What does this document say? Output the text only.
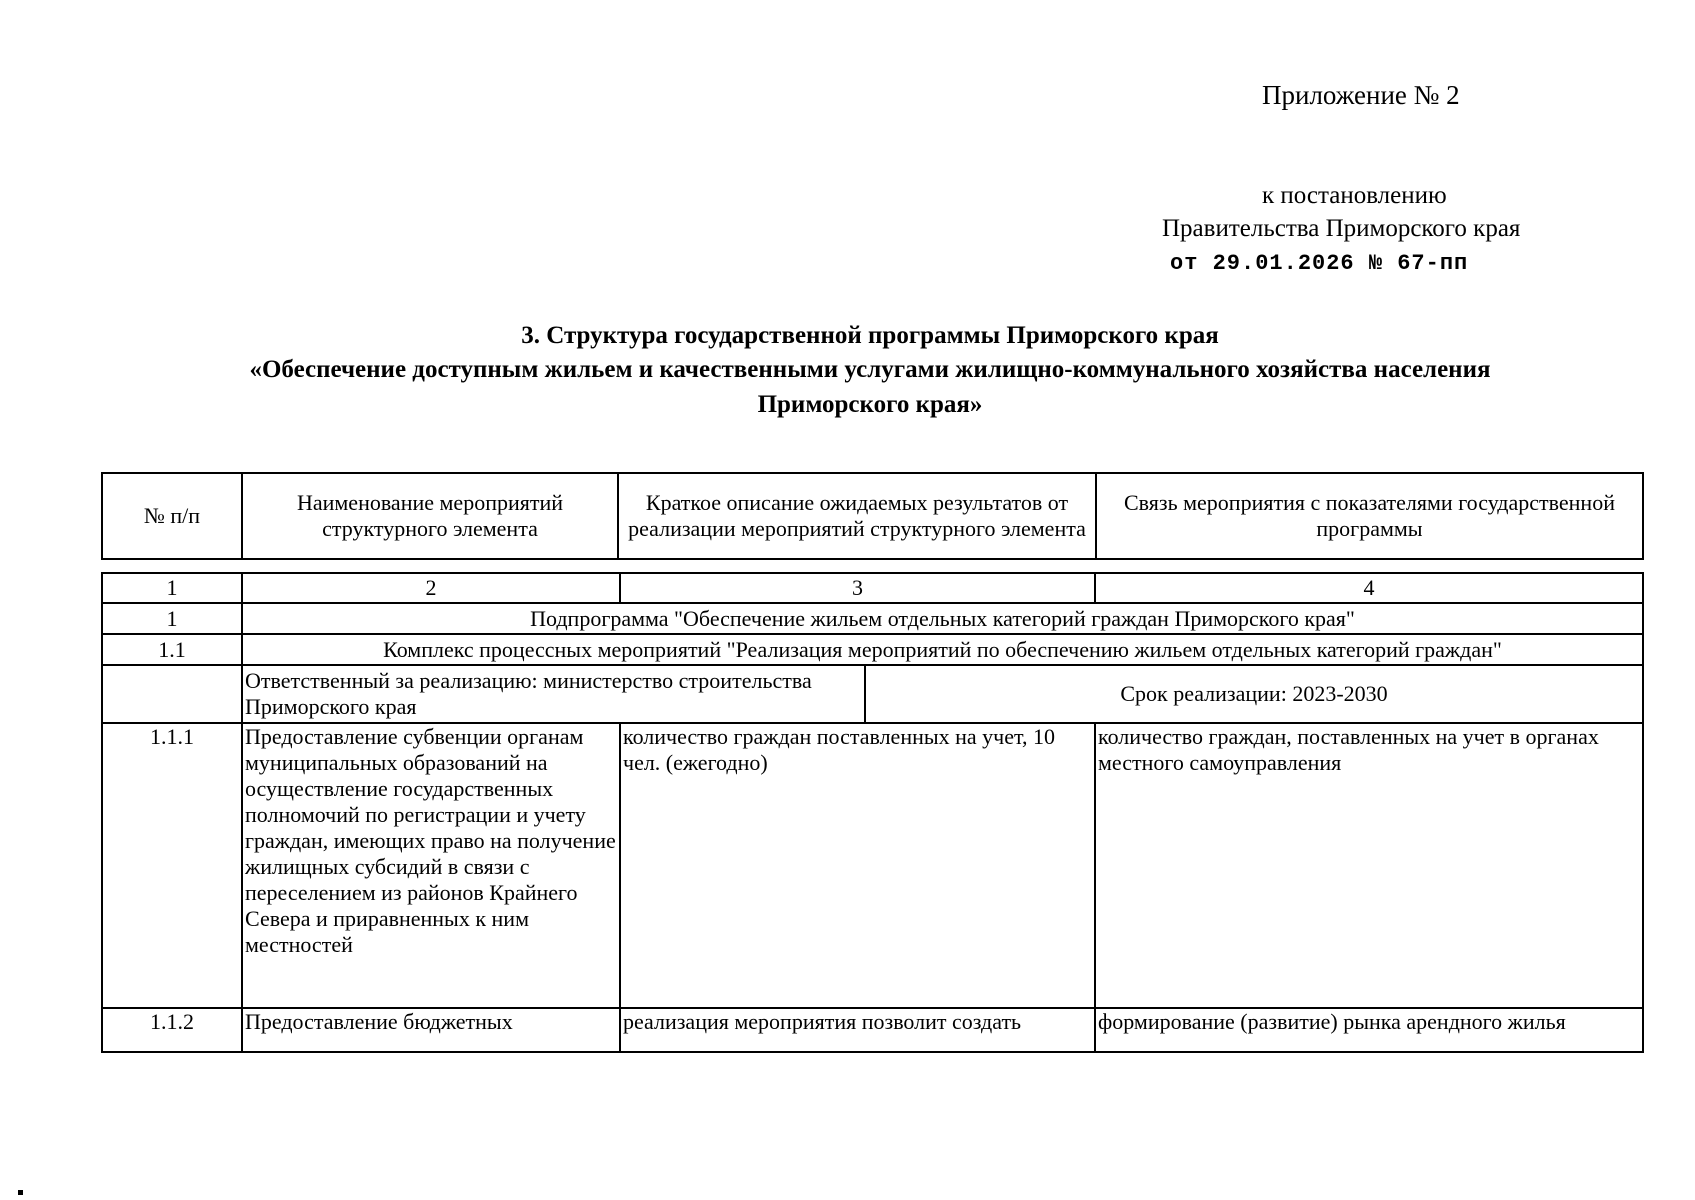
Приложение № 2
к постановлению
Правительства Приморского края
от 29.01.2026 № 67-пп
3. Структура государственной программы Приморского края
«Обеспечение доступным жильем и качественными услугами жилищно-коммунального хозяйства населения
Приморского края»
№ п/п	Наименование мероприятий структурного элемента	Краткое описание ожидаемых результатов от реализации мероприятий структурного элемента	Связь мероприятия с показателями государственной программы
1	2	3		4
1	Подпрограмма "Обеспечение жильем отдельных категорий граждан Приморского края"			
1.1	Комплекс процессных мероприятий "Реализация мероприятий по обеспечению жильем отдельных категорий граждан"			
	Ответственный за реализацию: министерство строительства Приморского края		Срок реализации: 2023-2030	
1.1.1	Предоставление субвенции органам муниципальных образований на осуществление государственных полномочий по регистрации и учету граждан, имеющих право на получение жилищных субсидий в связи с переселением из районов Крайнего Севера и приравненных к ним местностей	количество граждан поставленных на учет, 10 чел. (ежегодно)		количество граждан, поставленных на учет в органах местного самоуправления
1.1.2	Предоставление бюджетных	реализация мероприятия позволит создать		формирование (развитие) рынка арендного жилья
